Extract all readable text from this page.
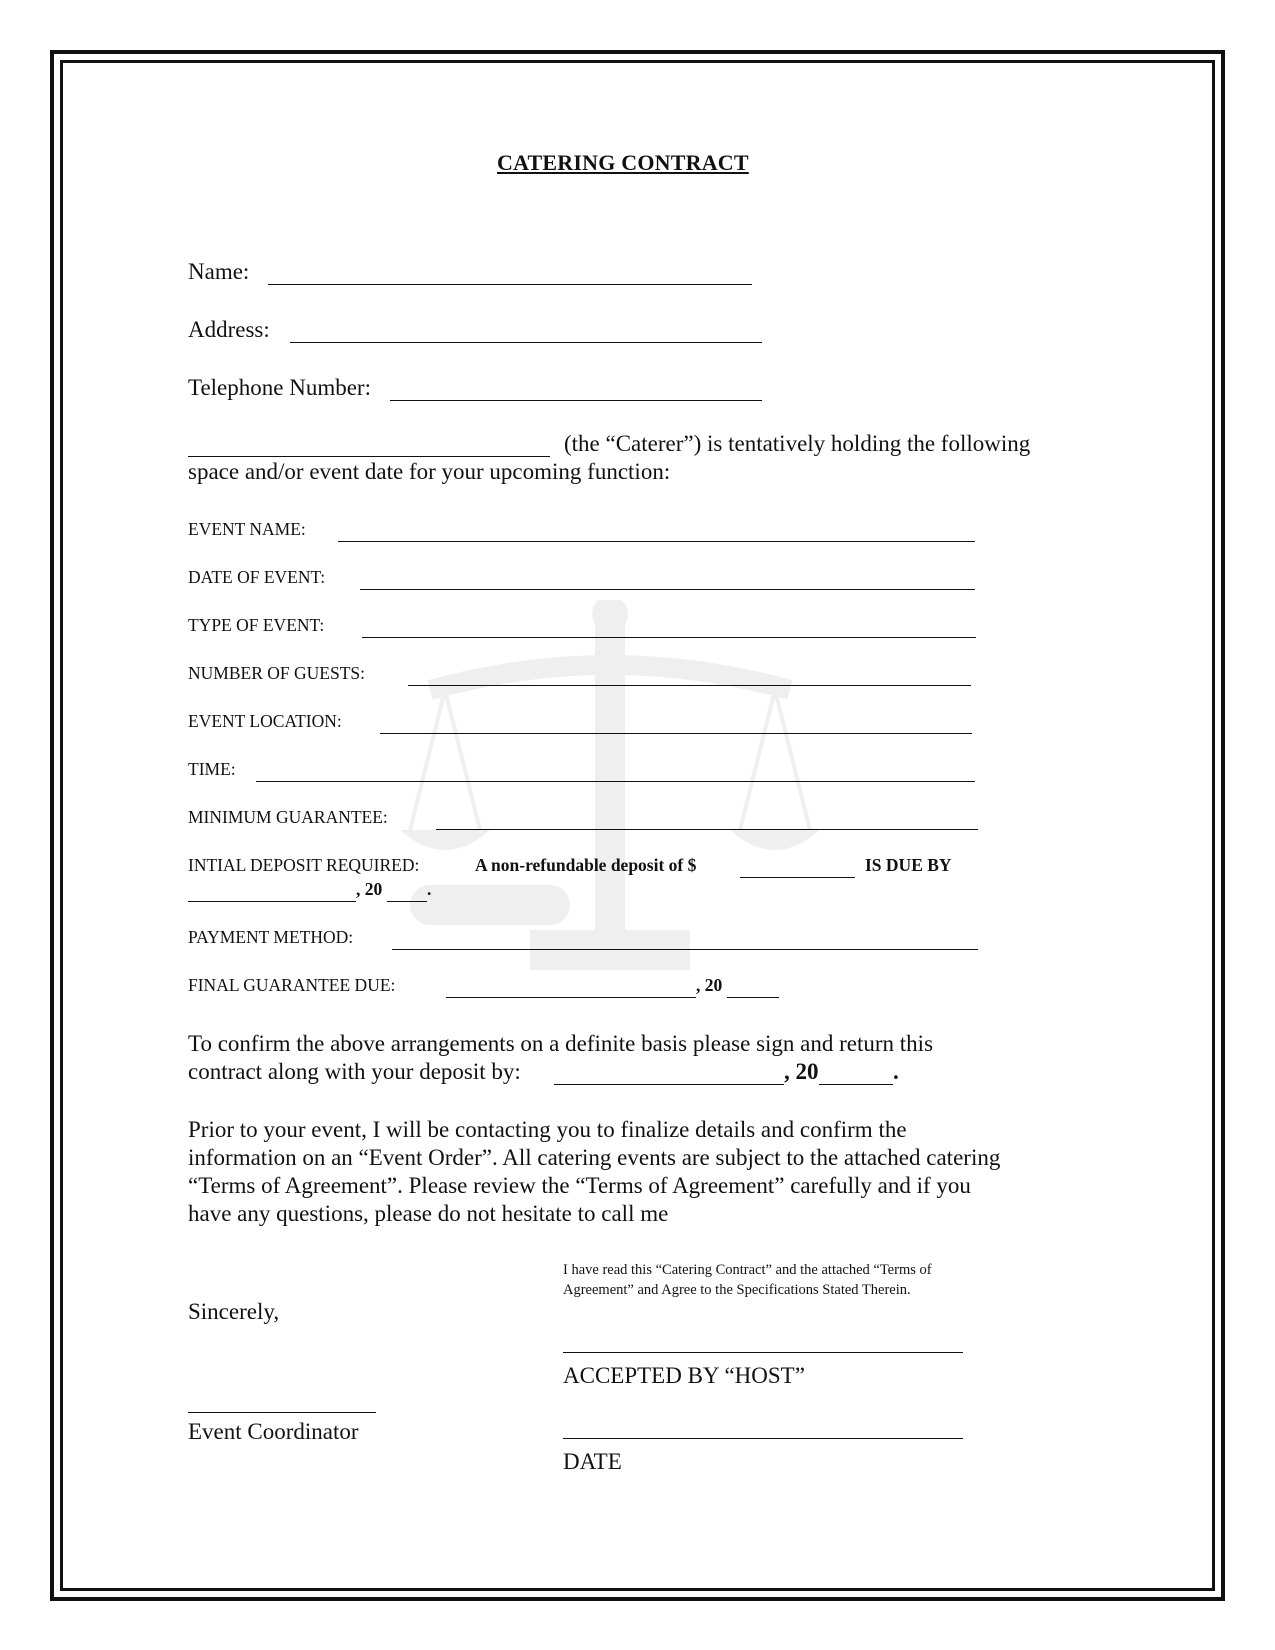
CATERING CONTRACT
Name:
Address:
Telephone Number:
(the “Caterer”) is tentatively holding the following
space and/or event date for your upcoming function:
EVENT NAME:
DATE OF EVENT:
TYPE OF EVENT:
NUMBER OF GUESTS:
EVENT LOCATION:
TIME:
MINIMUM GUARANTEE:
INTIAL DEPOSIT REQUIRED:	A non-refundable deposit of $	IS DUE BY
, 20	.
PAYMENT METHOD:
FINAL GUARANTEE DUE:	, 20
To confirm the above arrangements on a definite basis please sign and return this
contract along with your deposit by:	, 20	.
Prior to your event, I will be contacting you to finalize details and confirm the
information on an “Event Order”. All catering events are subject to the attached catering
“Terms of Agreement”. Please review the “Terms of Agreement” carefully and if you
have any questions, please do not hesitate to call me
I have read this “Catering Contract” and the attached “Terms of
Agreement” and Agree to the Specifications Stated Therein.
Sincerely,
ACCEPTED BY “HOST”
Event Coordinator
DATE
